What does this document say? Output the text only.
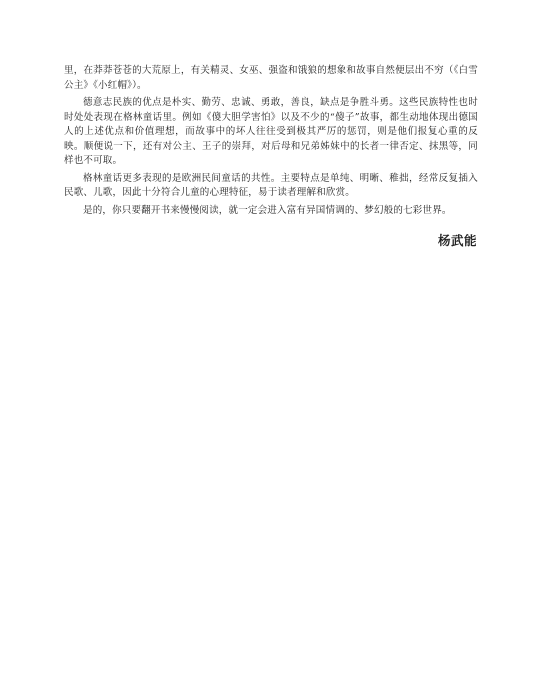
里，在莽莽苍苍的大荒原上，有关精灵、女巫、强盗和饿狼的想象和故事自然便层出不穷（《白雪公主》《小红帽》）。

德意志民族的优点是朴实、勤劳、忠诚、勇敢，善良，缺点是争胜斗勇。这些民族特性也时时处处表现在格林童话里。例如《傻大胆学害怕》以及不少的“傻子”故事，都生动地体现出德国人的上述优点和价值理想，而故事中的坏人往往受到极其严厉的惩罚，则是他们报复心重的反映。顺便说一下，还有对公主、王子的崇拜，对后母和兄弟姊妹中的长者一律否定、抹黑等，同样也不可取。

格林童话更多表现的是欧洲民间童话的共性。主要特点是单纯、明晰、稚拙，经常反复插入民歌、儿歌，因此十分符合儿童的心理特征，易于读者理解和欣赏。

是的，你只要翻开书来慢慢阅读，就一定会进入富有异国情调的、梦幻般的七彩世界。

杨武能
